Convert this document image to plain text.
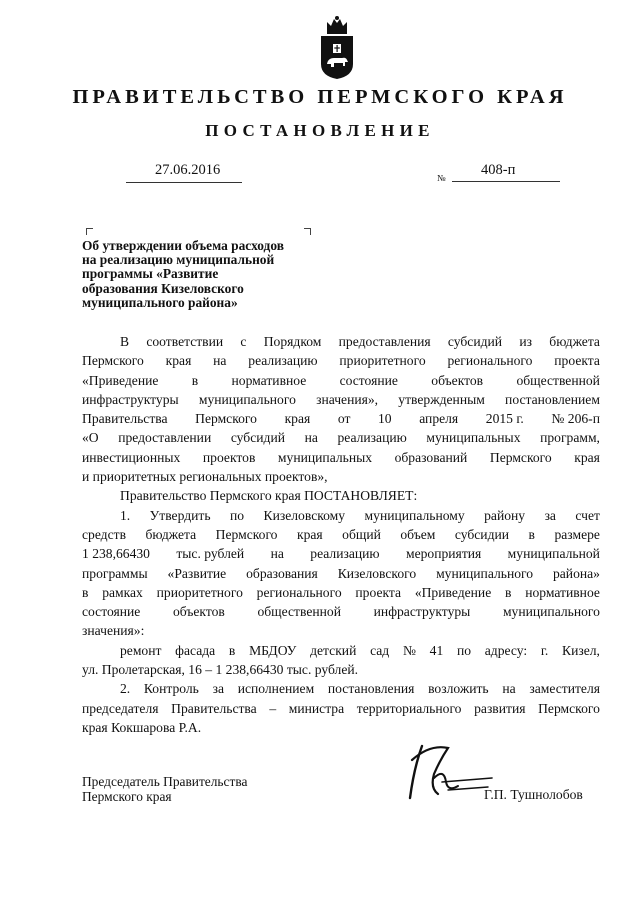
ПРАВИТЕЛЬСТВО ПЕРМСКОГО КРАЯ
ПОСТАНОВЛЕНИЕ
27.06.2016	№ 408-п
Об утверждении объема расходов
на реализацию муниципальной
программы «Развитие
образования Кизеловского
муниципального района»
В соответствии с Порядком предоставления субсидий из бюджета
Пермского края на реализацию приоритетного регионального проекта
«Приведение в нормативное состояние объектов общественной
инфраструктуры муниципального значения», утвержденным постановлением
Правительства Пермского края от 10 апреля 2015 г. № 206-п
«О предоставлении субсидий на реализацию муниципальных программ,
инвестиционных проектов муниципальных образований Пермского края
и приоритетных региональных проектов»,
Правительство Пермского края ПОСТАНОВЛЯЕТ:
1. Утвердить по Кизеловскому муниципальному району за счет
средств бюджета Пермского края общий объем субсидии в размере
1 238,66430 тыс. рублей на реализацию мероприятия муниципальной
программы «Развитие образования Кизеловского муниципального района»
в рамках приоритетного регионального проекта «Приведение в нормативное
состояние объектов общественной инфраструктуры муниципального
значения»:
ремонт фасада в МБДОУ детский сад № 41 по адресу: г. Кизел,
ул. Пролетарская, 16 – 1 238,66430 тыс. рублей.
2. Контроль за исполнением постановления возложить на заместителя
председателя Правительства – министра территориального развития Пермского
края Кокшарова Р.А.
Председатель Правительства
Пермского края	Г.П. Тушнолобов
